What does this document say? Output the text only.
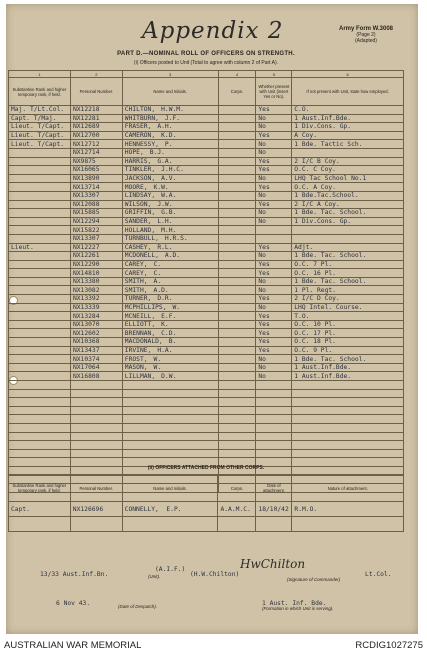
Appendix 2	Army Form W.3008
(Page 2)
(Adapted)
PART D.—NOMINAL ROLL OF OFFICERS ON STRENGTH.
(i) Officers posted to Unit (Total to agree with column 2 of Part A).
1	2	3	4	5	6
Substantive Rank and higher temporary rank, if held.	Personal Number.	Name and Initials.	Corps.	Whether present with Unit (insert Yes or No).	If not present with Unit, state how employed.
Maj. T/Lt.Col.	NX12218	CHILTON, H.W.M.		Yes	C.O.
Capt. T/Maj.	NX12281	WHITBURN, J.F.		No	1 Aust.Inf.Bde.
Lieut. T/Capt.	NX12689	FRASER, A.H.		No	1 Div.Cons. Gp.
Lieut. T/Capt.	NX12700	CAMERON, K.D.		Yes	A Coy.
Lieut. T/Capt.	NX12712	HENNESSY, P.		No	1 Bde. Tactic Sch.
	NX12714	HOPE, B.J.		No	
	NX9875	HARRIS, G.A.		Yes	2 I/C B Coy.
	NX16065	TINKLER, J.H.C.		Yes	O.C. C Coy.
	NX13890	JACKSON, A.V.		No	LHQ Tac School No.1
	NX13714	MOORE, K.W.		Yes	O.C. A Coy.
	NX13307	LINDSAY, W.A.		No	1 Bde.Tac.School.
	NX12088	WILSON, J.W.		Yes	2 I/C A Coy.
	NX15885	GRIFFIN, G.B.		No	1 Bde. Tac. School.
	NX12294	SANDER, L.H.		No	1 Div.Cons. Gp.
	NX15822	HOLLAND, M.H.			
	NX13307	TURNBULL, H.R.S.			
Lieut.	NX12227	CASHEY, R.L.		Yes	Adjt.
	NX12261	MCDONELL, A.D.		No	1 Bde. Tac. School.
	NX12290	CAREY, C.		Yes	O.C. 7 Pl.
	NX14810	CAREY, C.		Yes	O.C. 16 Pl.
	NX13380	SMITH, A.		No	1 Bde. Tac. School.
	NX13082	SMITH, A.D.		No	1 Pl. Regt.
	NX13392	TURNER, D.R.		Yes	2 I/C D Coy.
	NX13339	MCPHILLIPS, W.		No	LHQ Intel. Course.
	NX13284	MCNEILL, E.F.		Yes	T.O.
	NX13070	ELLIOTT, K.		Yes	O.C. 10 Pl.
	NX12602	BRENNAN, C.D.		Yes	O.C. 17 Pl.
	NX10368	MACDONALD, B.		Yes	O.C. 18 Pl.
	NX13437	IRVINE, H.A.		Yes	O.C. 9 Pl.
	NX10374	FROST, W.		No	1 Bde. Tac. School.
	NX17064	MASON, W.		No	1 Aust.Inf.Bde.
	NX16808	LILLMAN, D.W.		No	1 Aust.Inf.Bde.

(ii) OFFICERS ATTACHED FROM OTHER CORPS.
Substantive Rank and higher temporary rank, if held.	Personal Number.	Name and Initials.	Corps.	Date of attachment.	Nature of attachment.
Capt.	NX126696	CONNELLY, E.P.	A.A.M.C.	18/10/42	R.M.O.

13/33 Aust.Inf.Bn.	(Unit).
(A.I.F.)
(H.W.Chilton)
HwChilton
Lt.Col.
(Signature of Commander)
6 Nov 43.	(Date of Despatch).	1 Aust. Inf. Bde.
(Formation in which Unit is serving).
AUSTRALIAN WAR MEMORIAL	RCDIG1027275
